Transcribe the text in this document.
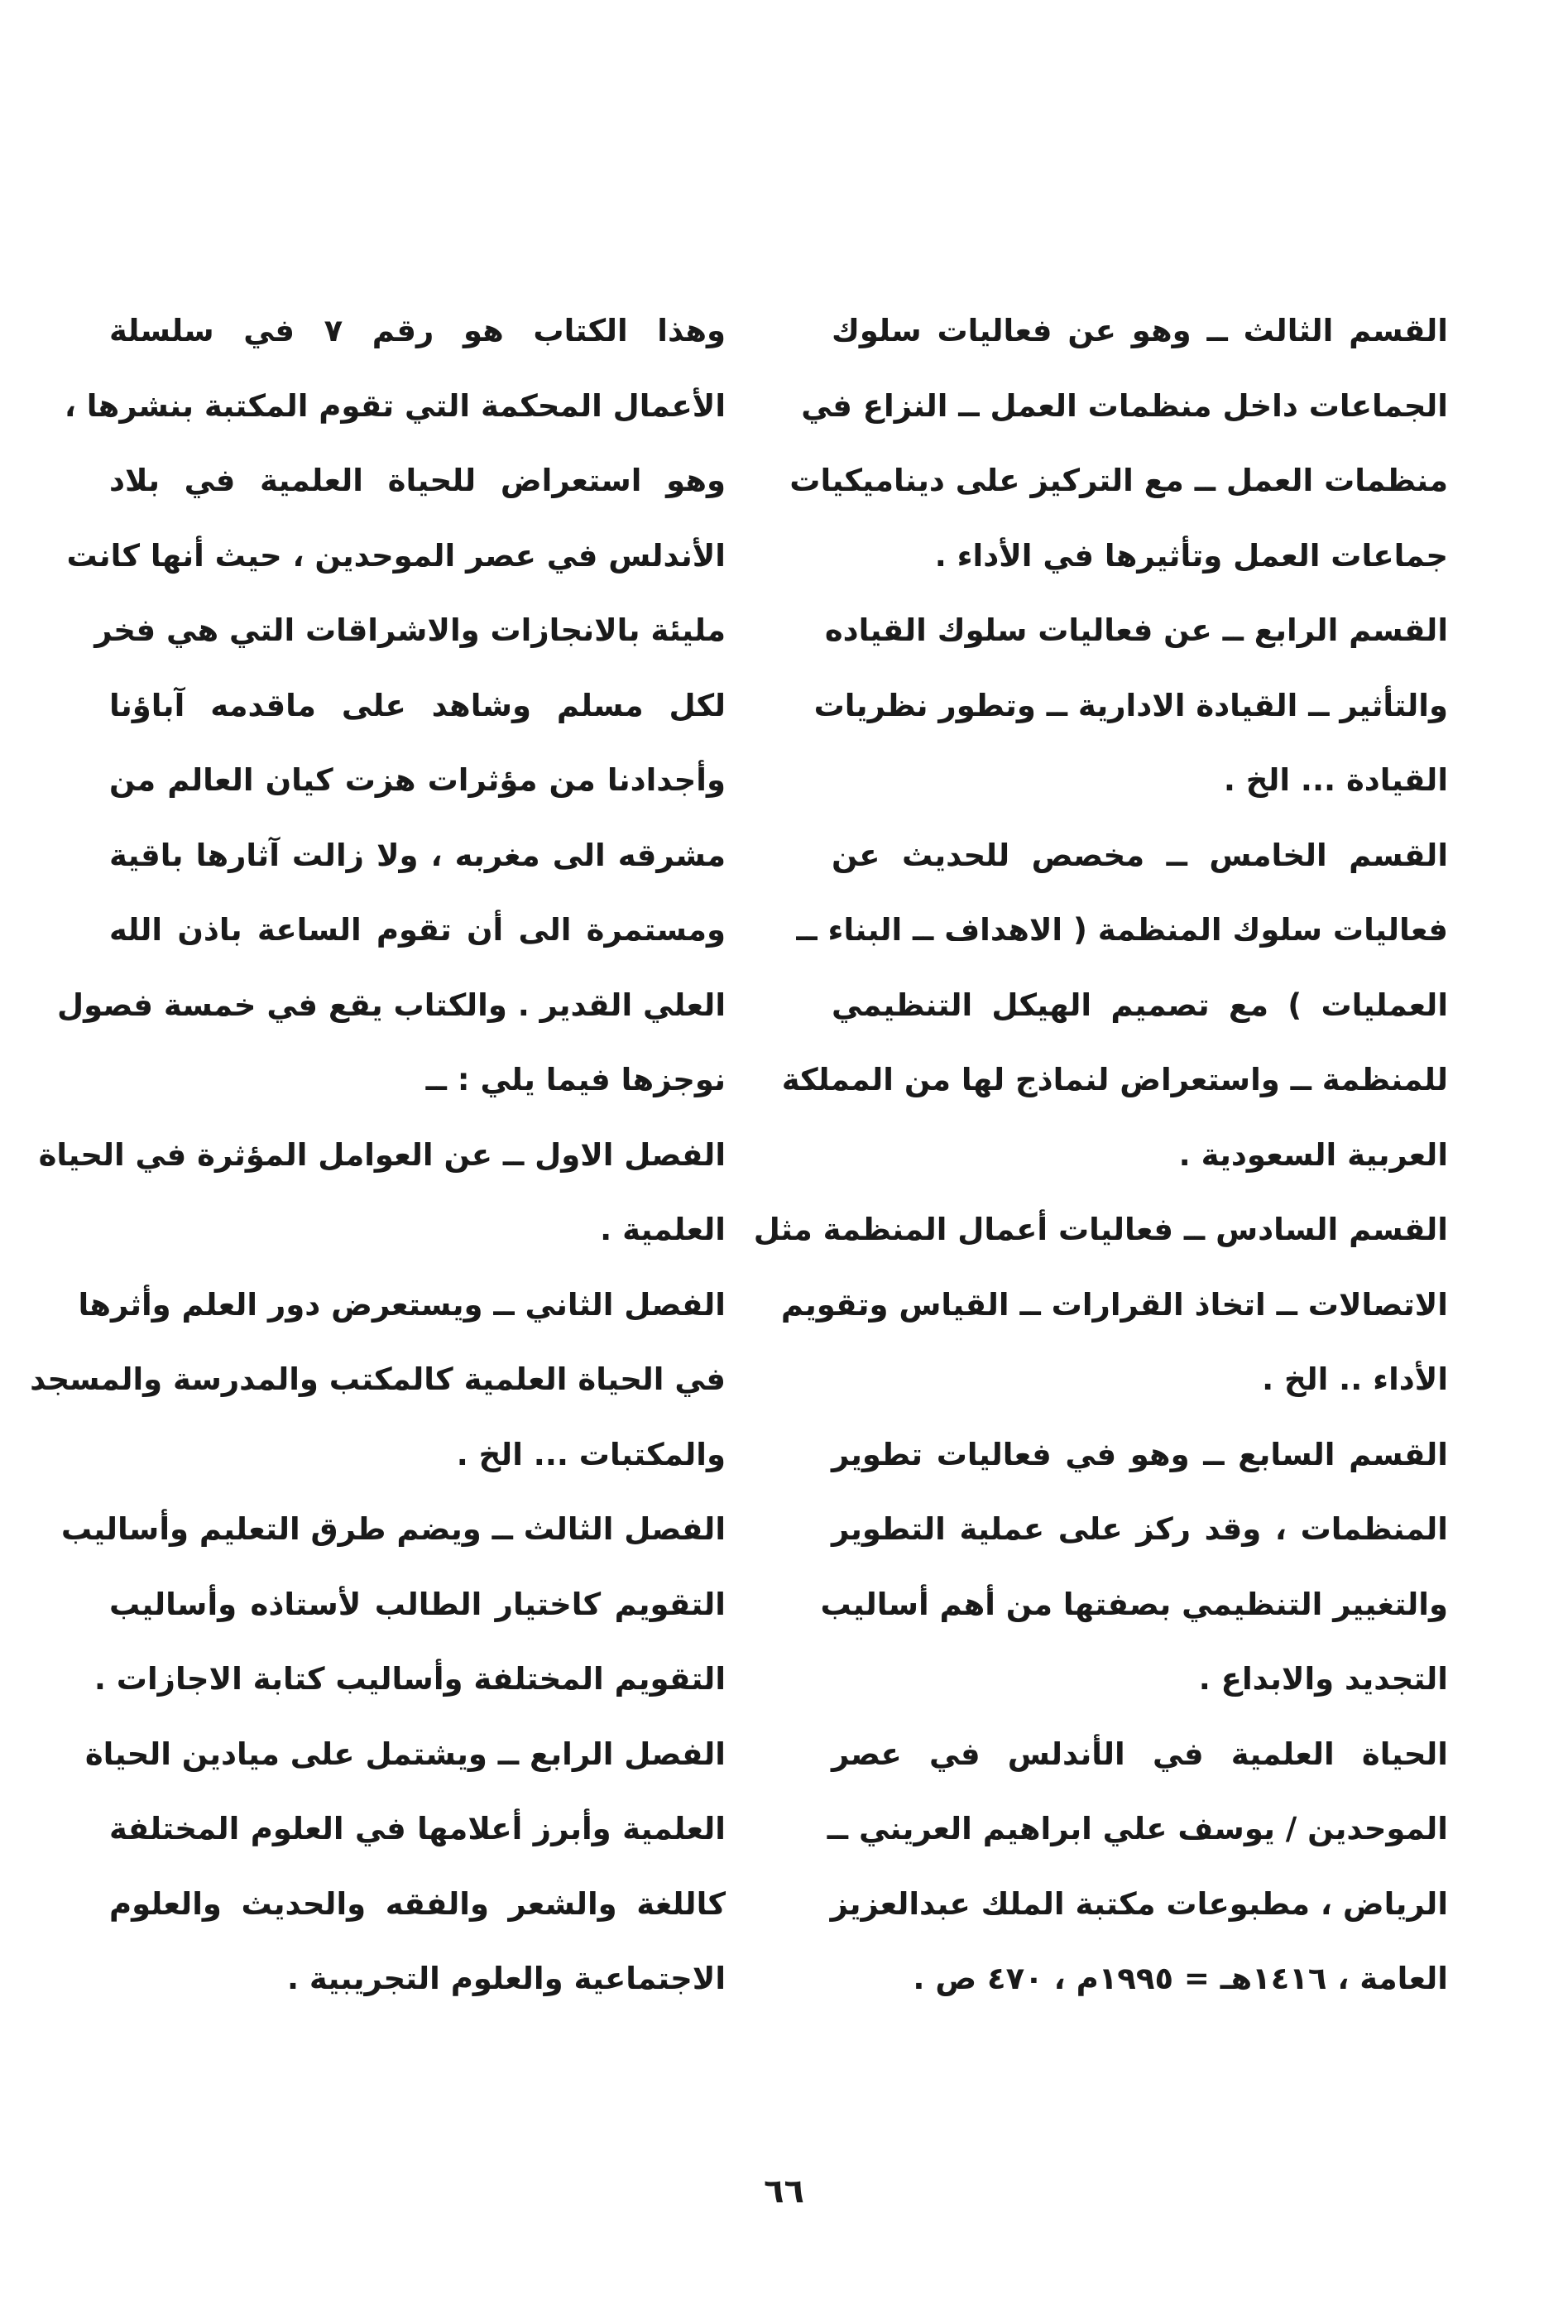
القسم الثالث ــ وهو عن فعاليات سلوك
الجماعات داخل منظمات العمل ــ النزاع في
منظمات العمل ــ مع التركيز على ديناميكيات
جماعات العمل وتأثيرها في الأداء .
القسم الرابع ــ عن فعاليات سلوك القياده
والتأثير ــ القيادة الادارية ــ وتطور نظريات
القيادة ... الخ .
القسم الخامس ــ مخصص للحديث عن
فعاليات سلوك المنظمة ( الاهداف ــ البناء ــ
العمليات ) مع تصميم الهيكل التنظيمي
للمنظمة ــ واستعراض لنماذج لها من المملكة
العربية السعودية .
القسم السادس ــ فعاليات أعمال المنظمة مثل
الاتصالات ــ اتخاذ القرارات ــ القياس وتقويم
الأداء .. الخ .
القسم السابع ــ وهو في فعاليات تطوير
المنظمات ، وقد ركز على عملية التطوير
والتغيير التنظيمي بصفتها من أهم أساليب
التجديد والابداع .
الحياة العلمية في الأندلس في عصر
الموحدين / يوسف علي ابراهيم العريني ــ
الرياض ، مطبوعات مكتبة الملك عبدالعزيز
العامة ، ١٤١٦هـ = ١٩٩٥م ، ٤٧٠ ص .
وهذا الكتاب هو رقم ٧ في سلسلة
الأعمال المحكمة التي تقوم المكتبة بنشرها ،
وهو استعراض للحياة العلمية في بلاد
الأندلس في عصر الموحدين ، حيث أنها كانت
مليئة بالانجازات والاشراقات التي هي فخر
لكل مسلم وشاهد على ماقدمه آباؤنا
وأجدادنا من مؤثرات هزت كيان العالم من
مشرقه الى مغربه ، ولا زالت آثارها باقية
ومستمرة الى أن تقوم الساعة باذن الله
العلي القدير . والكتاب يقع في خمسة فصول
نوجزها فيما يلي : ــ
الفصل الاول ــ عن العوامل المؤثرة في الحياة
العلمية .
الفصل الثاني ــ ويستعرض دور العلم وأثرها
في الحياة العلمية كالمكتب والمدرسة والمسجد
والمكتبات ... الخ .
الفصل الثالث ــ ويضم طرق التعليم وأساليب
التقويم كاختيار الطالب لأستاذه وأساليب
التقويم المختلفة وأساليب كتابة الاجازات .
الفصل الرابع ــ ويشتمل على ميادين الحياة
العلمية وأبرز أعلامها في العلوم المختلفة
كاللغة والشعر والفقه والحديث والعلوم
الاجتماعية والعلوم التجريبية .
٦٦
